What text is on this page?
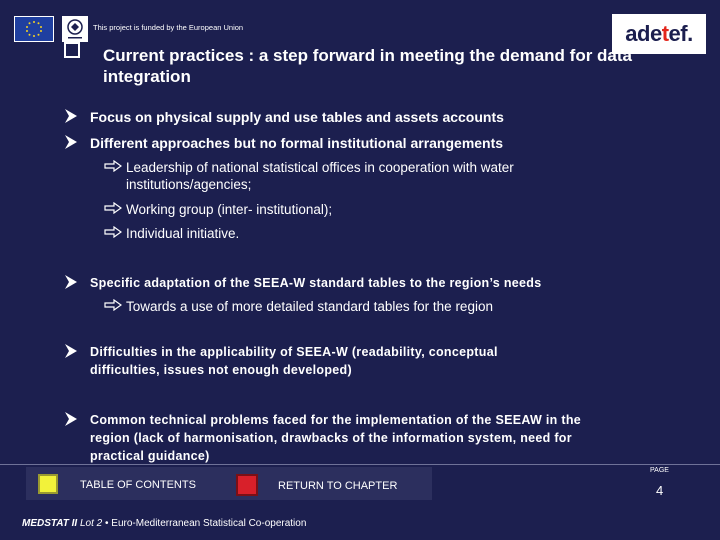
This project is funded by the European Union	ade t ef.
Current practices : a step forward in meeting the demand for data integration
Focus on physical supply and use tables and assets accounts
Different approaches but no formal institutional arrangements
Leadership of national statistical offices in cooperation with water
institutions/agencies;
Working group (inter- institutional);
Individual initiative.
Specific adaptation of the SEEA-W standard tables to the region’s needs
Towards a use of more detailed standard tables for the region
Difficulties in the applicability of SEEA-W (readability, conceptual difficulties, issues not enough developed)
Common technical problems faced for the implementation of the SEEAW in the region (lack of harmonisation, drawbacks of the information system, need for practical guidance)
TABLE OF CONTENTS	RETURN TO CHAPTER
PAGE
4
MEDSTAT II Lot 2 • Euro-Mediterranean Statistical Co-operation
